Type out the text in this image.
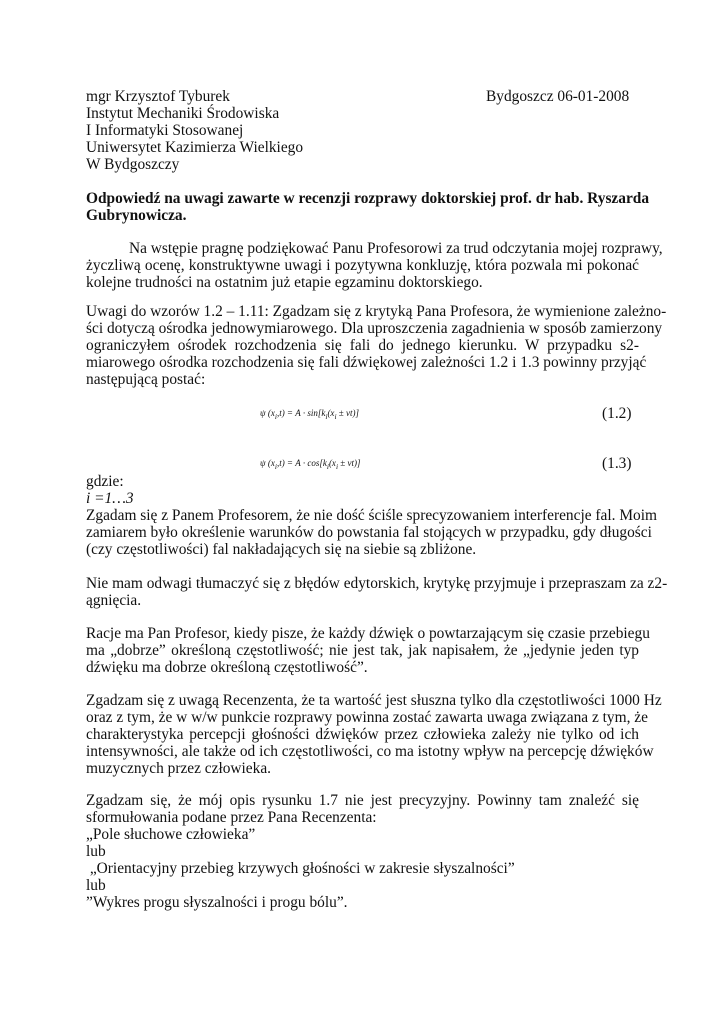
mgr Krzysztof Tyburek
Instytut Mechaniki Środowiska
I Informatyki Stosowanej
Uniwersytet Kazimierza Wielkiego
W Bydgoszczy
Bydgoszcz 06-01-2008
Odpowiedź na uwagi zawarte w recenzji rozprawy doktorskiej prof. dr hab. Ryszarda
Gubrynowicza.
Na wstępie pragnę podziękować Panu Profesorowi za trud odczytania mojej rozprawy,
życzliwą ocenę, konstruktywne uwagi i pozytywna konkluzję, która pozwala mi pokonać
kolejne trudności na ostatnim już etapie egzaminu doktorskiego.
Uwagi do wzorów 1.2 – 1.11: Zgadzam się z krytyką Pana Profesora, że wymienione zależno-
ści dotyczą ośrodka jednowymiarowego. Dla uproszczenia zagadnienia w sposób zamierzony
ograniczyłem ośrodek rozchodzenia się fali do jednego kierunku. W przypadku s2-
miarowego ośrodka rozchodzenia się fali dźwiękowej zależności 1.2 i 1.3 powinny przyjąć
następującą postać:
ψ $(x_i,t) = A \cdot \sin[k_i(x_i \pm vt)]$	(1.2)
ψ $(x_i,t) = A \cdot \cos[k_i(x_i \pm vt)]$	(1.3)
gdzie:
i =1…3
Zgadam się z Panem Profesorem, że nie dość ściśle sprecyzowaniem interferencje fal. Moim
zamiarem było określenie warunków do powstania fal stojących w przypadku, gdy długości
(czy częstotliwości) fal nakładających się na siebie są zbliżone.
Nie mam odwagi tłumaczyć się z błędów edytorskich, krytykę przyjmuje i przepraszam za z2-
ągnięcia.
Racje ma Pan Profesor, kiedy pisze, że każdy dźwięk o powtarzającym się czasie przebiegu
ma „dobrze” określoną częstotliwość; nie jest tak, jak napisałem, że „jedynie jeden typ
dźwięku ma dobrze określoną częstotliwość”.
Zgadzam się z uwagą Recenzenta, że ta wartość jest słuszna tylko dla częstotliwości 1000 Hz
oraz z tym, że w w/w punkcie rozprawy powinna zostać zawarta uwaga związana z tym, że
charakterystyka percepcji głośności dźwięków przez człowieka zależy nie tylko od ich
intensywności, ale także od ich częstotliwości, co ma istotny wpływ na percepcję dźwięków
muzycznych przez człowieka.
Zgadzam się, że mój opis rysunku 1.7 nie jest precyzyjny. Powinny tam znaleźć się
sformułowania podane przez Pana Recenzenta:
„Pole słuchowe człowieka”
lub
„Orientacyjny przebieg krzywych głośności w zakresie słyszalności”
lub
”Wykres progu słyszalności i progu bólu”.
